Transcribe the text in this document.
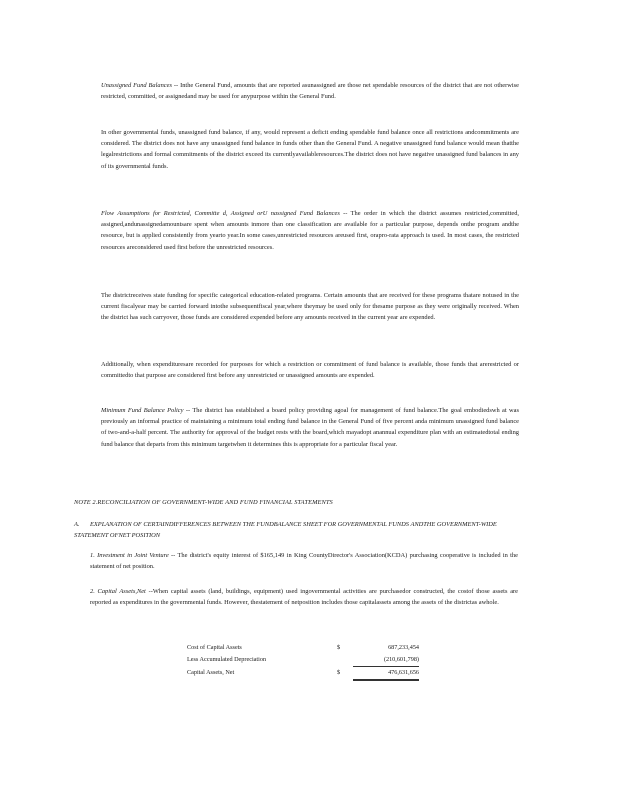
Unassigned Fund Balances -- Inthe General Fund, amounts that are reported asunassigned are those net spendable resources of the district that are not otherwise restricted, committed, or assignedand may be used for anypurpose within the General Fund.

In other governmental funds, unassigned fund balance, if any, would represent a deficit ending spendable fund balance once all restrictions andcommitments are considered. The district does not have any unassigned fund balance in funds other than the General Fund. A negative unassigned fund balance would mean thatthe legalrestrictions and formal commitments of the district exceed its currentlyavailableresources.The district does not have negative unassigned fund balances in any of its governmental funds.

Flow Assumptions for Restricted, Committe d, Assigned orU nassigned Fund Balances -- The order in which the district assumes restricted,committed, assigned,andunassignedamountsare spent when amounts inmore than one classification are available for a particular purpose, depends onthe program andthe resource, but is applied consistently from yearto year.In some cases,unrestricted resources areused first, orapro-rata approach is used. In most cases, the restricted resources areconsidered used first before the unrestricted resources.

The districtreceives state funding for specific categorical education-related programs. Certain amounts that are received for these programs thatare notused in the current fiscalyear may be carried forward intothe subsequentfiscal year,where theymay be used only for thesame purpose as they were originally received. When the district has such carryover, those funds are considered expended before any amounts received in the current year are expended.

Additionally, when expendituresare recorded for purposes for which a restriction or commitment of fund balance is available, those funds that arerestricted or committedto that purpose are considered first before any unrestricted or unassigned amounts are expended.

Minimum Fund Balance Policy -- The district has established a board policy providing agoal for management of fund balance.The goal embodiedswh at was previously an informal practice of maintaining a minimum total ending fund balance in the General Fund of five percent anda minimum unassigned fund balance of two-and-a-half percent. The authority for approval of the budget rests with the board,which mayadopt anannual expenditure plan with an estimatedtotal ending fund balance that departs from this minimum targetwhen it determines this is appropriate for a particular fiscal year.

NOTE 2.RECONCILIATION OF GOVERNMENT-WIDE AND FUND FINANCIAL STATEMENTS

A. EXPLANATION OF CERTAINDIFFERENCES BETWEEN THE FUNDBALANCE SHEET FOR GOVERNMENTAL FUNDS ANDTHE GOVERNMENT-WIDE STATEMENT OFNET POSITION

1. Investment in Joint Venture -- The district's equity interest of $165,149 in King CountyDirector's Association(KCDA) purchasing cooperative is included in the statement of net position.

2. Capital Assets,Net --When capital assets (land, buildings, equipment) used ingovernmental activities are purchasedor constructed, the costof those assets are reported as expenditures in the governmental funds. However, thestatement of netposition includes those capitalassets among the assets of the districtas awhole.

Cost of Capital Assets	$	687,233,454
Less Accumulated Depreciation		(210,601,798)
Capital Assets, Net	$	476,631,656
